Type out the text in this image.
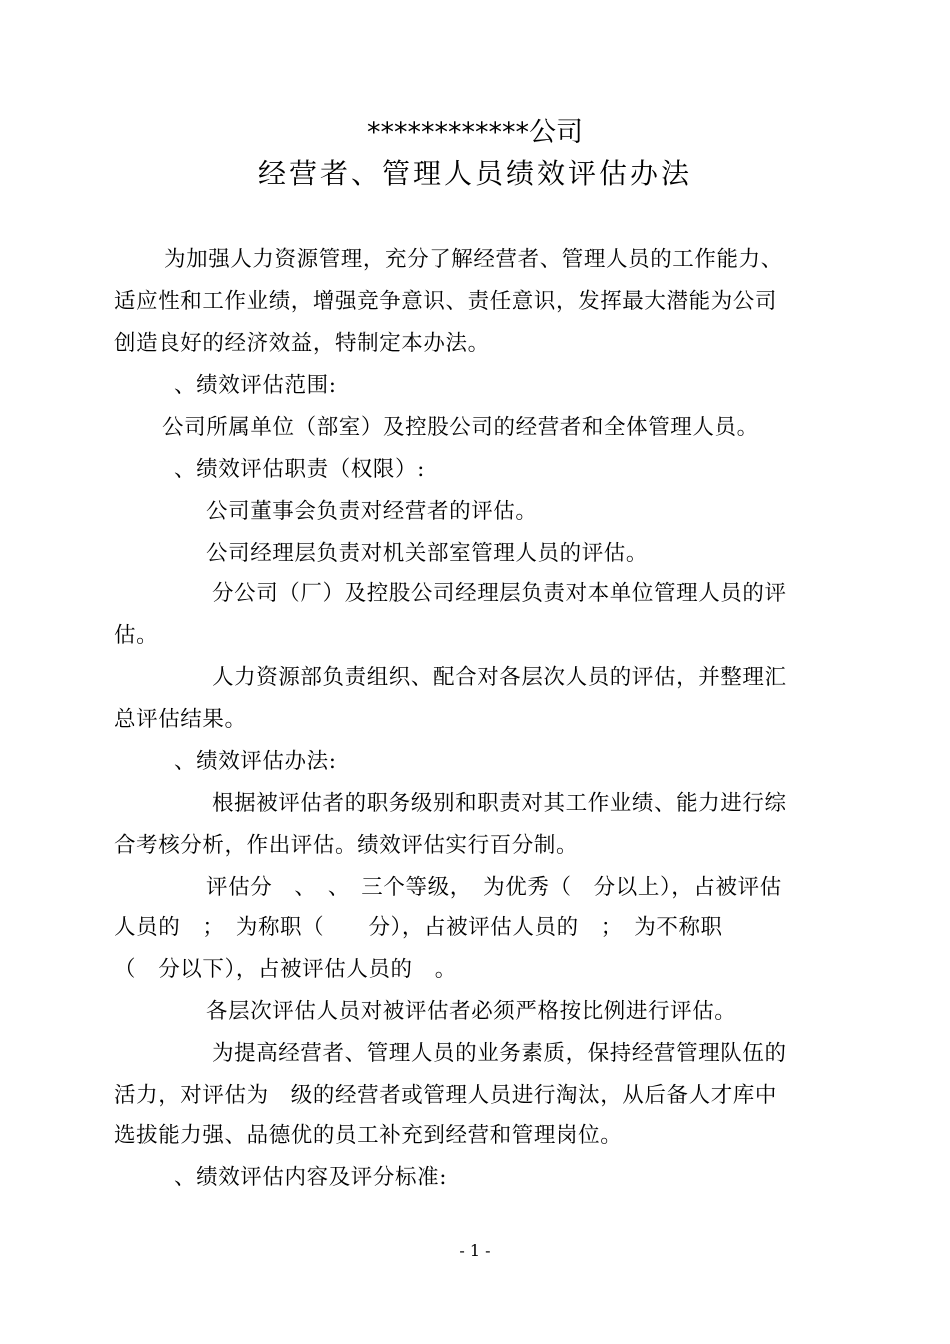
************公司
经营者、管理人员绩效评估办法
为加强人力资源管理，充分了解经营者、管理人员的工作能力、
适应性和工作业绩，增强竞争意识、责任意识，发挥最大潜能为公司
创造良好的经济效益，特制定本办法。
、绩效评估范围:
公司所属单位（部室）及控股公司的经营者和全体管理人员。
、绩效评估职责（权限）:
公司董事会负责对经营者的评估。
公司经理层负责对机关部室管理人员的评估。
分公司（厂）及控股公司经理层负责对本单位管理人员的评
估。
人力资源部负责组织、配合对各层次人员的评估，并整理汇
总评估结果。
、绩效评估办法:
根据被评估者的职务级别和职责对其工作业绩、能力进行综
合考核分析，作出评估。绩效评估实行百分制。
评估分　、　、　三个等级，　为优秀（　分以上），占被评估
人员的　；　为称职（　　分），占被评估人员的　；　为不称职
（　分以下），占被评估人员的　。
各层次评估人员对被评估者必须严格按比例进行评估。
为提高经营者、管理人员的业务素质，保持经营管理队伍的
活力，对评估为　级的经营者或管理人员进行淘汰，从后备人才库中
选拔能力强、品德优的员工补充到经营和管理岗位。
、绩效评估内容及评分标准:
- 1 -
